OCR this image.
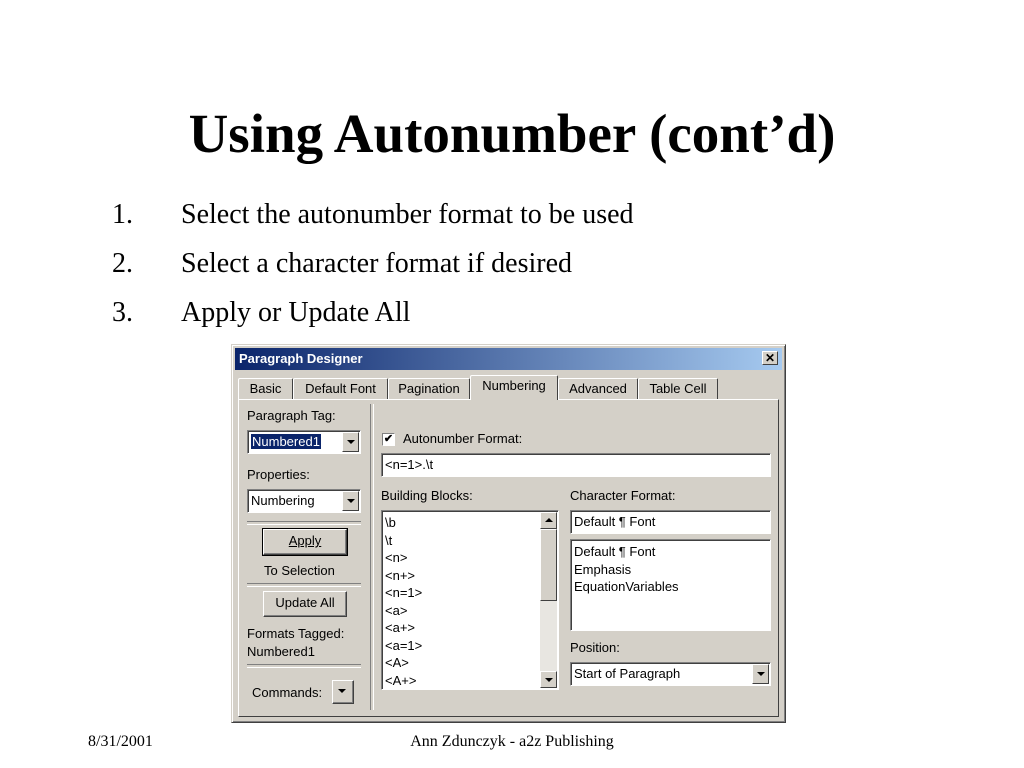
Using Autonumber (cont’d)
1. Select the autonumber format to be used
2. Select a character format if desired
3. Apply or Update All
Paragraph Designer	✕
Basic	Default Font	Pagination	Numbering	Advanced	Table Cell
Paragraph Tag:
Numbered1
Properties:
Numbering
Apply
To Selection
Update All
Formats Tagged:
Numbered1
Commands:
✔ Autonumber Format:
<n=1>.\t
Building Blocks:
\b
\t
<n>
<n+>
<n=1>
<a>
<a+>
<a=1>
<A>
<A+>
Character Format:
Default ¶ Font
Default ¶ Font
Emphasis
EquationVariables
Position:
Start of Paragraph
8/31/2001	Ann Zdunczyk - a2z Publishing
